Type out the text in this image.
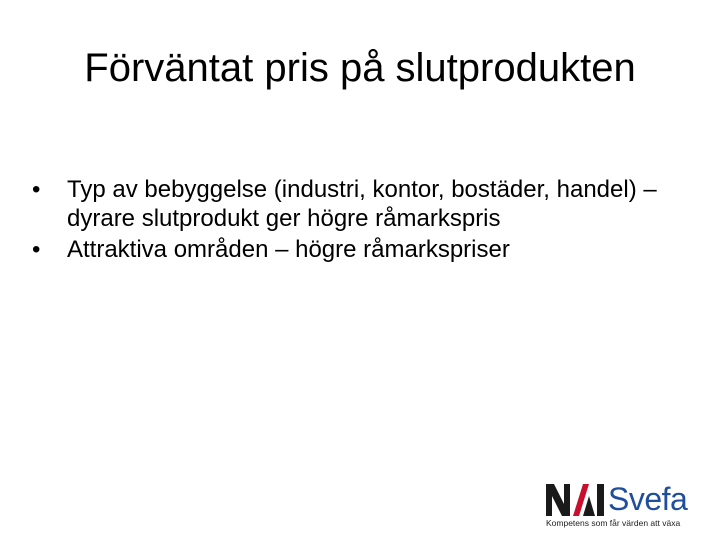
Förväntat pris på slutprodukten
•	Typ av bebyggelse (industri, kontor, bostäder, handel) – dyrare slutprodukt ger högre råmarkspris
•	Attraktiva områden – högre råmarkspriser
Svefa
Kompetens som får värden att växa
